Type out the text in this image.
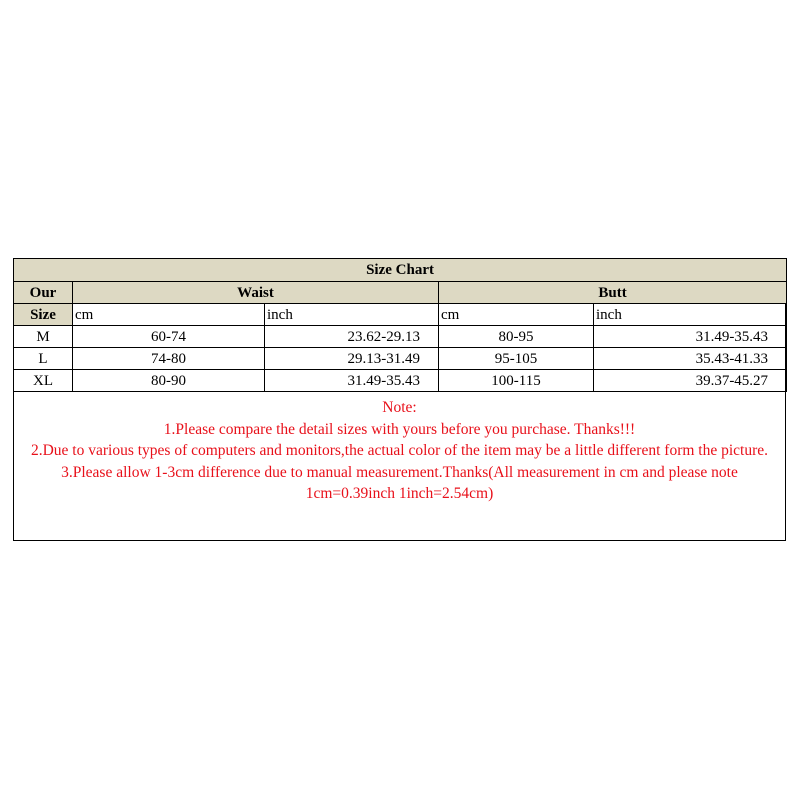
Size Chart				
Our	Waist		Butt	
Size	cm	inch	cm	inch
M	60-74	23.62-29.13	80-95	31.49-35.43
L	74-80	29.13-31.49	95-105	35.43-41.33
XL	80-90	31.49-35.43	100-115	39.37-45.27
Note:
1.Please compare the detail sizes with yours before you purchase. Thanks!!!
2.Due to various types of computers and monitors,the actual color of the item may be a little different form the picture.
3.Please allow 1-3cm difference due to manual measurement.Thanks(All measurement in cm and please note 1cm=0.39inch 1inch=2.54cm)
